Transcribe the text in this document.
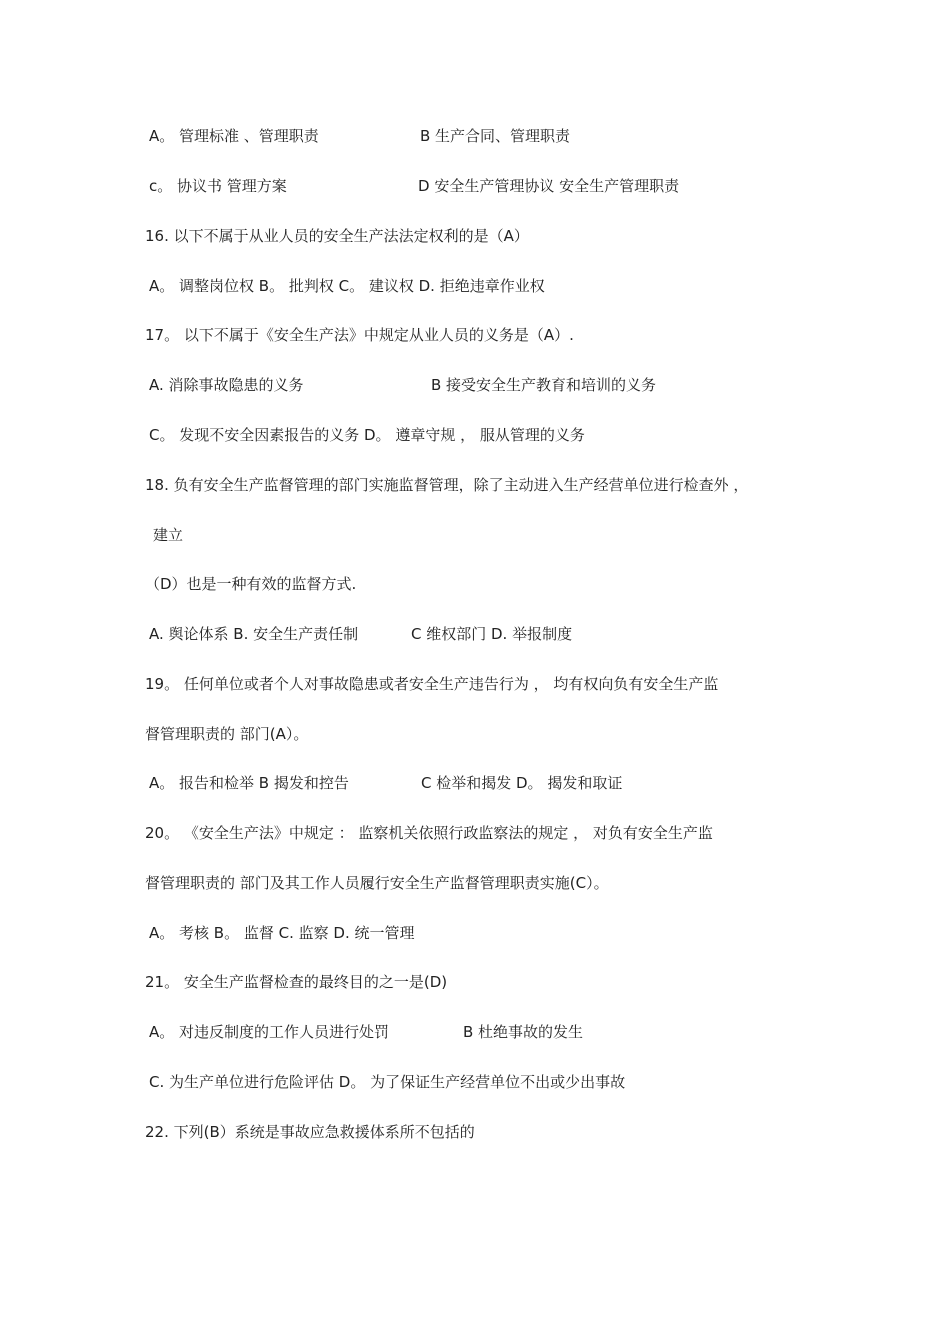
A。 管理标准 、管理职责	B 生产合同、管理职责
c。 协议书 管理方案	D 安全生产管理协议 安全生产管理职责
16. 以下不属于从业人员的安全生产法法定权利的是（A）
A。 调整岗位权 B。 批判权 C。 建议权 D. 拒绝违章作业权
17。 以下不属于《安全生产法》中规定从业人员的义务是（A）.
A. 消除事故隐患的义务	B 接受安全生产教育和培训的义务
C。 发现不安全因素报告的义务 D。 遵章守规 ， 服从管理的义务
18. 负有安全生产监督管理的部门实施监督管理，除了主动进入生产经营单位进行检查外 ，
建立
（D）也是一种有效的监督方式.
A. 舆论体系 B. 安全生产责任制	C 维权部门 D. 举报制度
19。 任何单位或者个人对事故隐患或者安全生产违告行为 ， 均有权向负有安全生产监
督管理职责的 部门(A）。
A。 报告和检举 B 揭发和控告	C 检举和揭发 D。 揭发和取证
20。 《安全生产法》中规定 ： 监察机关依照行政监察法的规定 ， 对负有安全生产监
督管理职责的 部门及其工作人员履行安全生产监督管理职责实施(C）。
A。 考核 B。 监督 C. 监察 D. 统一管理
21。 安全生产监督检查的最终目的之一是(D)
A。 对违反制度的工作人员进行处罚	B 杜绝事故的发生
C. 为生产单位进行危险评估 D。 为了保证生产经营单位不出或少出事故
22. 下列(B）系统是事故应急救援体系所不包括的
